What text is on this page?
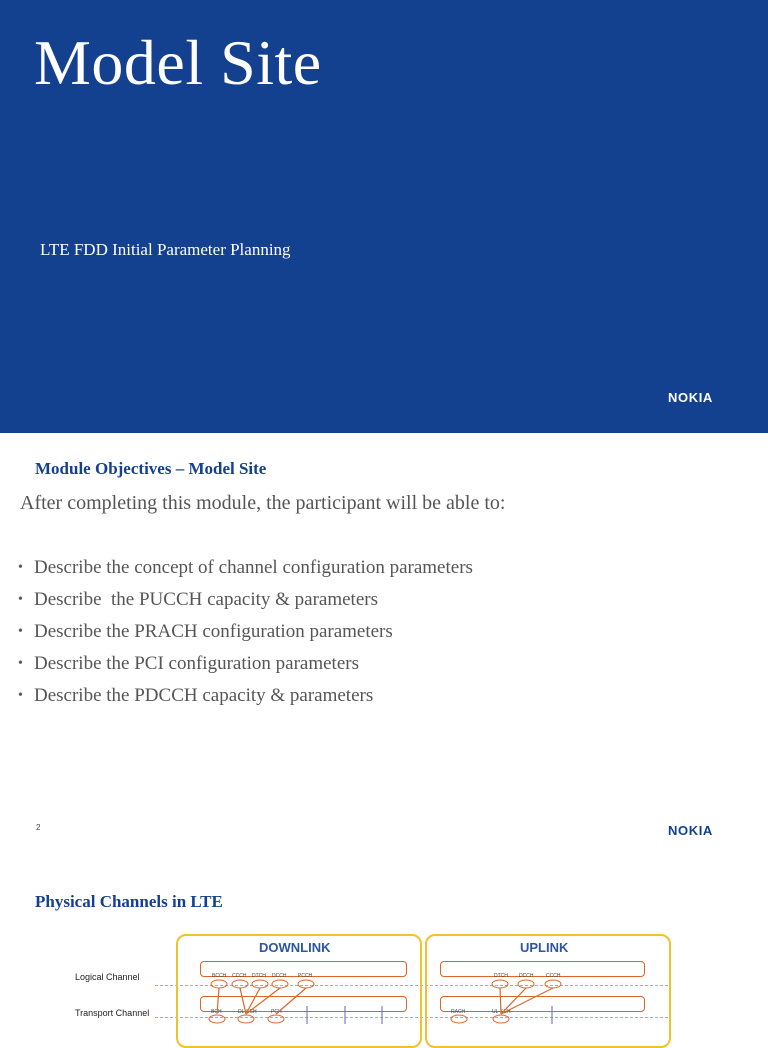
Model Site
LTE FDD Initial Parameter Planning
NOKIA
Module Objectives – Model Site
After completing this module, the participant will be able to:
• Describe the concept of channel configuration parameters
• Describe  the PUCCH capacity & parameters
• Describe the PRACH configuration parameters
• Describe the PCI configuration parameters
• Describe the PDCCH capacity & parameters
2	NOKIA
Physical Channels in LTE
Logical Channel
Transport Channel
DOWNLINK	UPLINK
BCCH CCCH DTCH DCCH PCCH
BCH	DL-SCH	PCH
DTCH DCCH	CCCH
RACH	UL-SCH
